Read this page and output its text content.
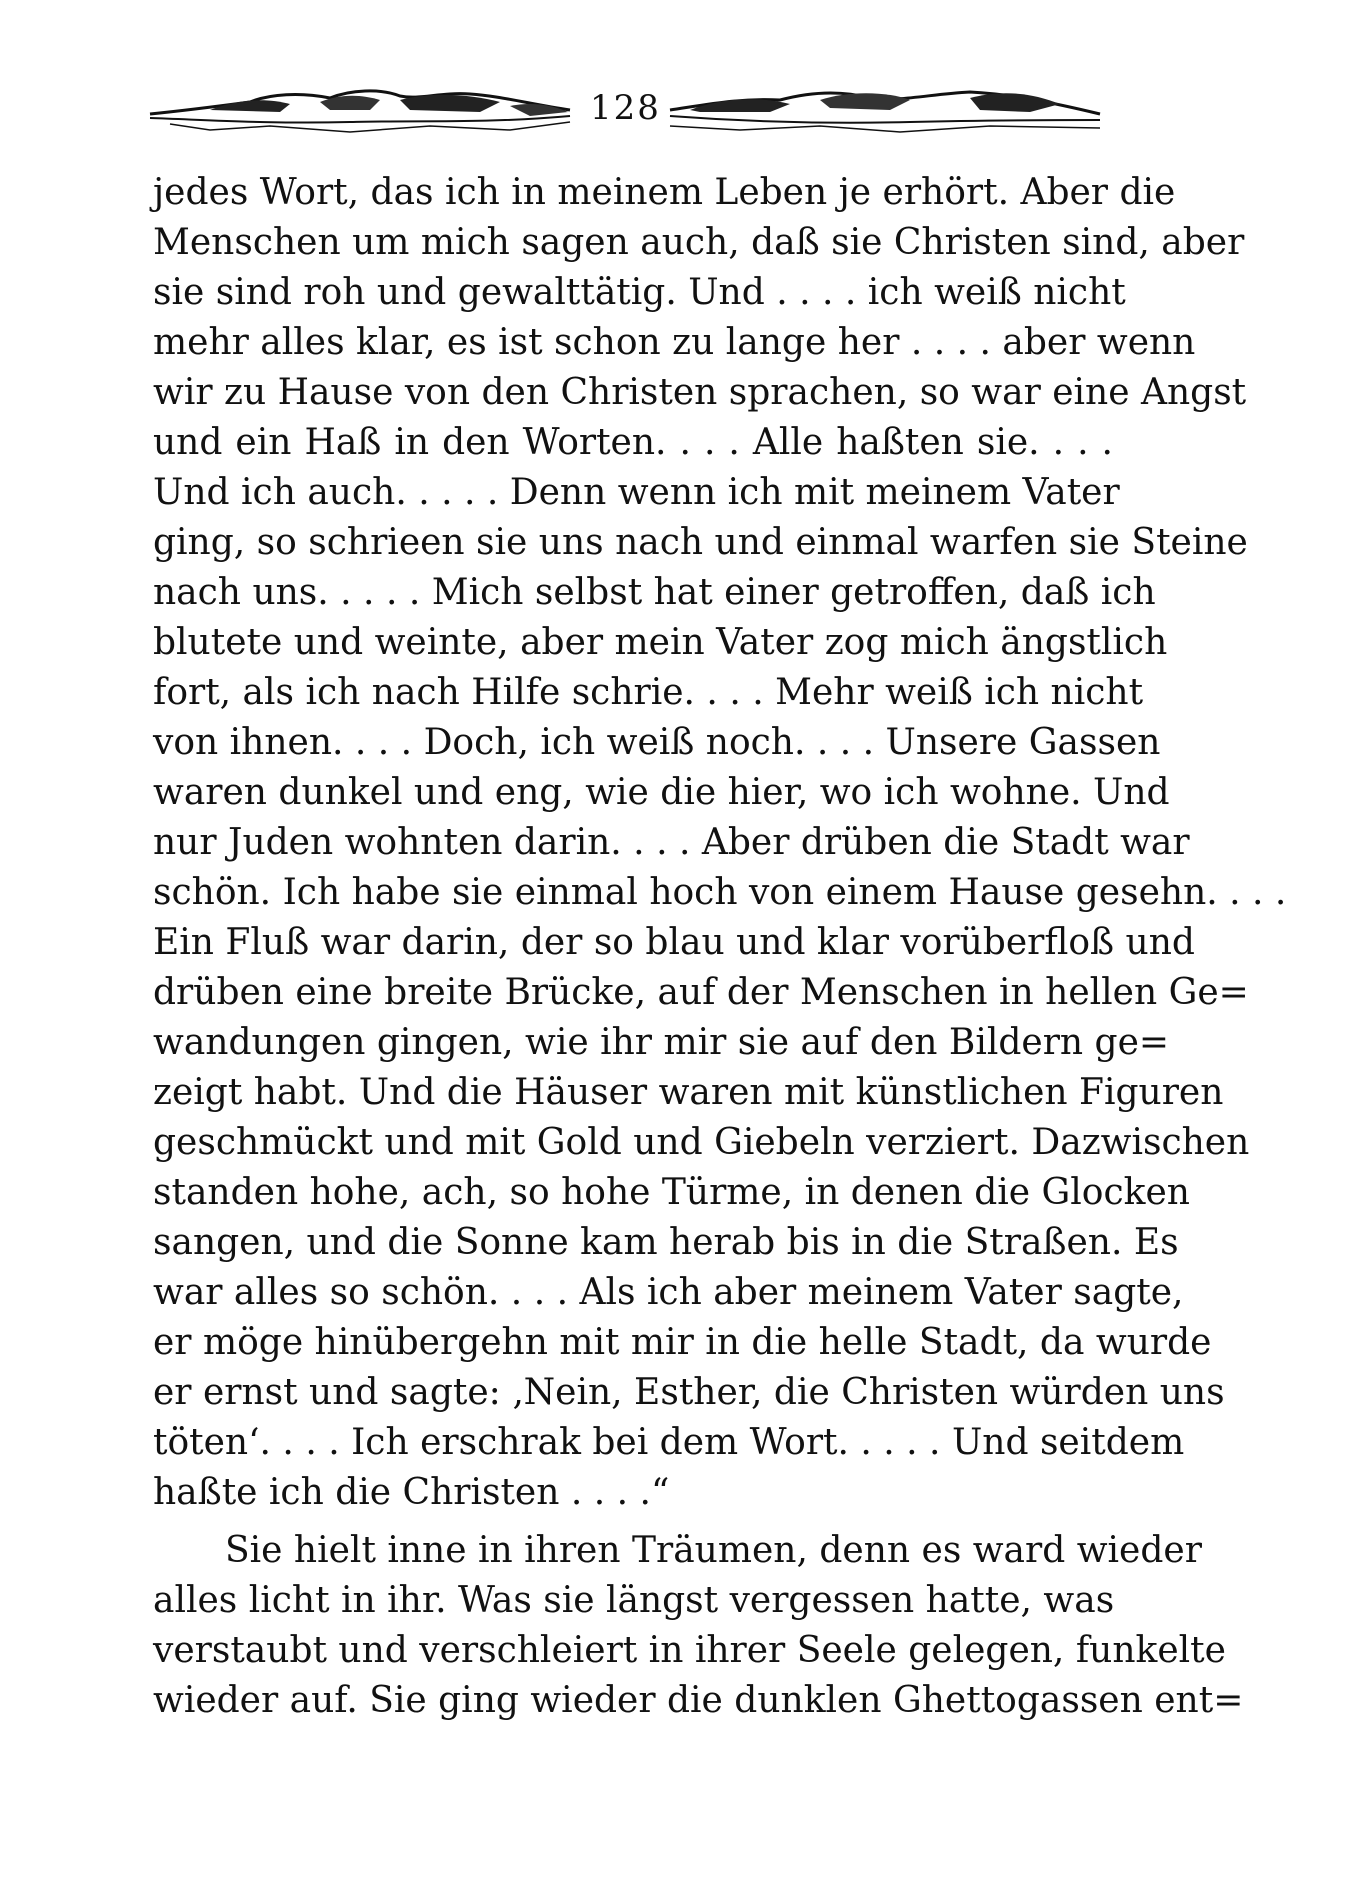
128
jedes Wort, das ich in meinem Leben je erhört. Aber die
Menschen um mich sagen auch, daß sie Christen sind, aber
sie sind roh und gewalttätig. Und . . . . ich weiß nicht
mehr alles klar, es ist schon zu lange her . . . . aber wenn
wir zu Hause von den Christen sprachen, so war eine Angst
und ein Haß in den Worten. . . . Alle haßten sie. . . .
Und ich auch. . . . . Denn wenn ich mit meinem Vater
ging, so schrieen sie uns nach und einmal warfen sie Steine
nach uns. . . . . Mich selbst hat einer getroffen, daß ich
blutete und weinte, aber mein Vater zog mich ängstlich
fort, als ich nach Hilfe schrie. . . . Mehr weiß ich nicht
von ihnen. . . . Doch, ich weiß noch. . . . Unsere Gassen
waren dunkel und eng, wie die hier, wo ich wohne. Und
nur Juden wohnten darin. . . . Aber drüben die Stadt war
schön. Ich habe sie einmal hoch von einem Hause gesehn. . . .
Ein Fluß war darin, der so blau und klar vorüberfloß und
drüben eine breite Brücke, auf der Menschen in hellen Ge=
wandungen gingen, wie ihr mir sie auf den Bildern ge=
zeigt habt. Und die Häuser waren mit künstlichen Figuren
geschmückt und mit Gold und Giebeln verziert. Dazwischen
standen hohe, ach, so hohe Türme, in denen die Glocken
sangen, und die Sonne kam herab bis in die Straßen. Es
war alles so schön. . . . Als ich aber meinem Vater sagte,
er möge hinübergehn mit mir in die helle Stadt, da wurde
er ernst und sagte: ‚Nein, Esther, die Christen würden uns
töten‘. . . . Ich erschrak bei dem Wort. . . . . Und seitdem
haßte ich die Christen . . . .“
Sie hielt inne in ihren Träumen, denn es ward wieder
alles licht in ihr. Was sie längst vergessen hatte, was
verstaubt und verschleiert in ihrer Seele gelegen, funkelte
wieder auf. Sie ging wieder die dunklen Ghettogassen ent=
